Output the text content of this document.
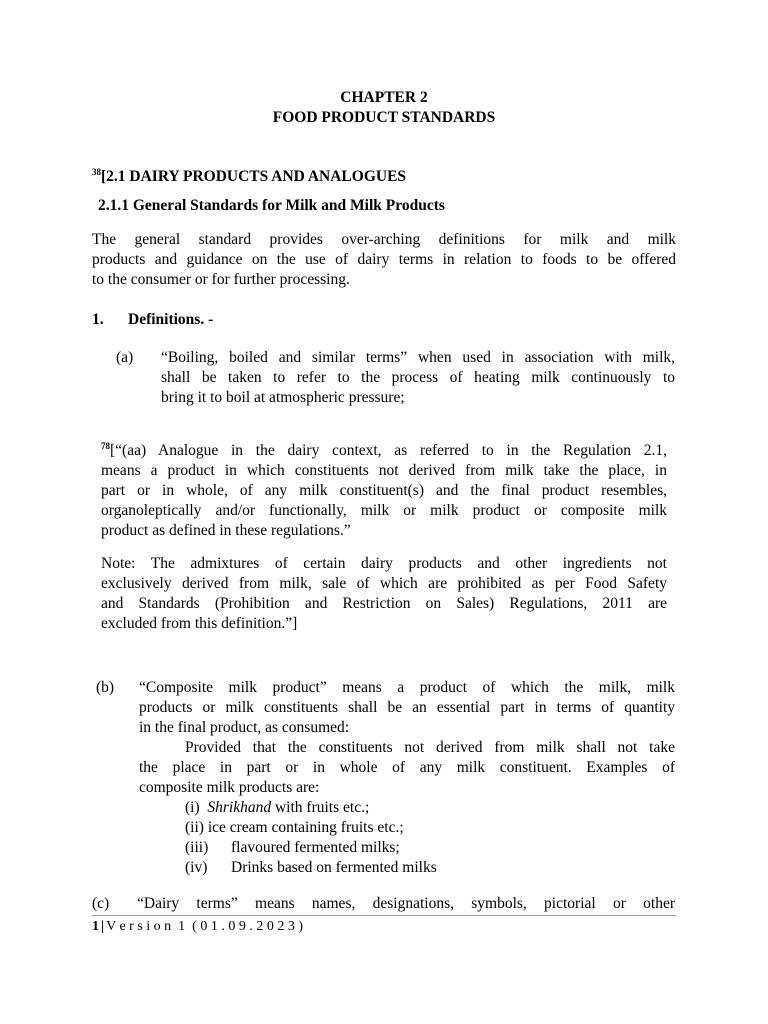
CHAPTER 2
FOOD PRODUCT STANDARDS
$^{38}$[2.1 DAIRY PRODUCTS AND ANALOGUES
2.1.1 General Standards for Milk and Milk Products
The general standard provides over-arching definitions for milk and milk
products and guidance on the use of dairy terms in relation to foods to be offered
to the consumer or for further processing.
1. Definitions. -
(a) “Boiling, boiled and similar terms” when used in association with milk,
shall be taken to refer to the process of heating milk continuously to
bring it to boil at atmospheric pressure;
$^{78}$[“(aa) Analogue in the dairy context, as referred to in the Regulation 2.1,
means a product in which constituents not derived from milk take the place, in
part or in whole, of any milk constituent(s) and the final product resembles,
organoleptically and/or functionally, milk or milk product or composite milk
product as defined in these regulations.”
Note: The admixtures of certain dairy products and other ingredients not
exclusively derived from milk, sale of which are prohibited as per Food Safety
and Standards (Prohibition and Restriction on Sales) Regulations, 2011 are
excluded from this definition.”]
(b) “Composite milk product” means a product of which the milk, milk
products or milk constituents shall be an essential part in terms of quantity
in the final product, as consumed:
Provided that the constituents not derived from milk shall not take
the place in part or in whole of any milk constituent. Examples of
composite milk products are:
(i) Shrikhand with fruits etc.;
(ii) ice cream containing fruits etc.;
(iii) flavoured fermented milks;
(iv) Drinks based on fermented milks
(c) “Dairy terms” means names, designations, symbols, pictorial or other
1 | V e r s i o n  1  ( 0 1 . 0 9 . 2 0 2 3 )
